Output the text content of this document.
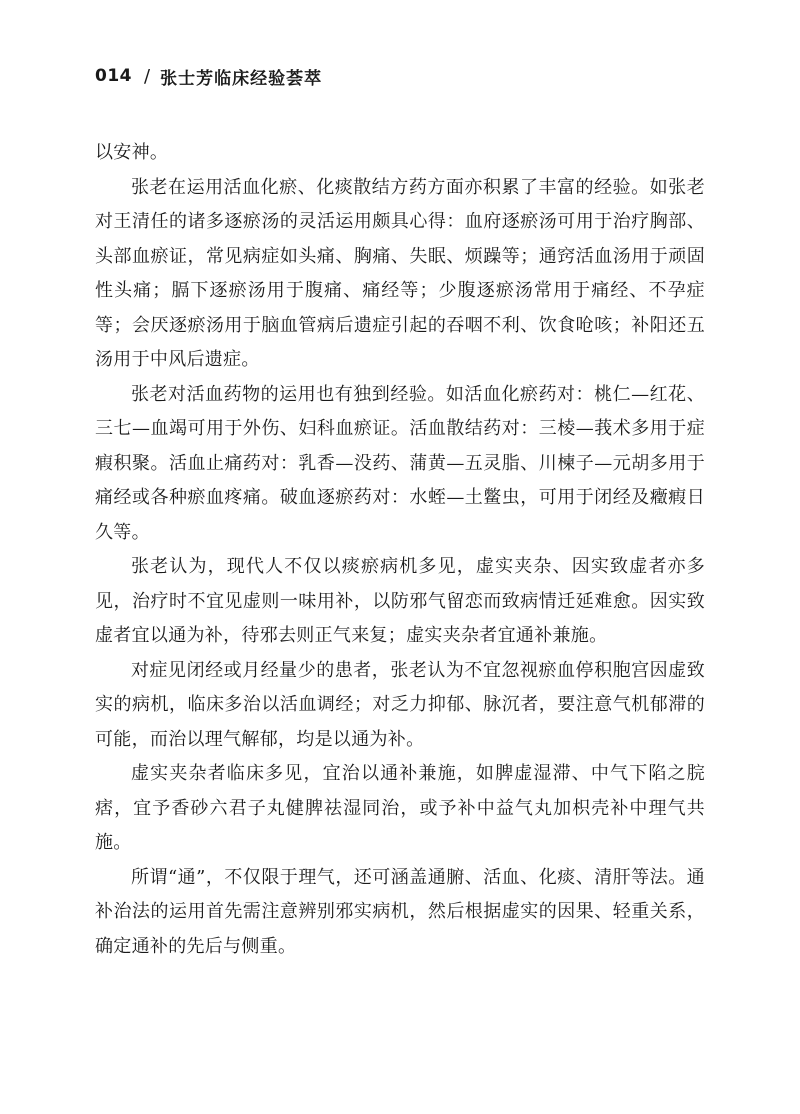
014 / 张士芳临床经验荟萃

以安神。

张老在运用活血化瘀、化痰散结方药方面亦积累了丰富的经验。如张老对王清任的诸多逐瘀汤的灵活运用颇具心得：血府逐瘀汤可用于治疗胸部、头部血瘀证，常见病症如头痛、胸痛、失眠、烦躁等；通窍活血汤用于顽固性头痛；膈下逐瘀汤用于腹痛、痛经等；少腹逐瘀汤常用于痛经、不孕症等；会厌逐瘀汤用于脑血管病后遗症引起的吞咽不利、饮食呛咳；补阳还五汤用于中风后遗症。

张老对活血药物的运用也有独到经验。如活血化瘀药对：桃仁—红花、三七—血竭可用于外伤、妇科血瘀证。活血散结药对：三棱—莪术多用于症瘕积聚。活血止痛药对：乳香—没药、蒲黄—五灵脂、川楝子—元胡多用于痛经或各种瘀血疼痛。破血逐瘀药对：水蛭—土鳖虫，可用于闭经及癥瘕日久等。

张老认为，现代人不仅以痰瘀病机多见，虚实夹杂、因实致虚者亦多见，治疗时不宜见虚则一味用补，以防邪气留恋而致病情迁延难愈。因实致虚者宜以通为补，待邪去则正气来复；虚实夹杂者宜通补兼施。

对症见闭经或月经量少的患者，张老认为不宜忽视瘀血停积胞宫因虚致实的病机，临床多治以活血调经；对乏力抑郁、脉沉者，要注意气机郁滞的可能，而治以理气解郁，均是以通为补。

虚实夹杂者临床多见，宜治以通补兼施，如脾虚湿滞、中气下陷之脘痞，宜予香砂六君子丸健脾祛湿同治，或予补中益气丸加枳壳补中理气共施。

所谓“通”，不仅限于理气，还可涵盖通腑、活血、化痰、清肝等法。通补治法的运用首先需注意辨别邪实病机，然后根据虚实的因果、轻重关系，确定通补的先后与侧重。
